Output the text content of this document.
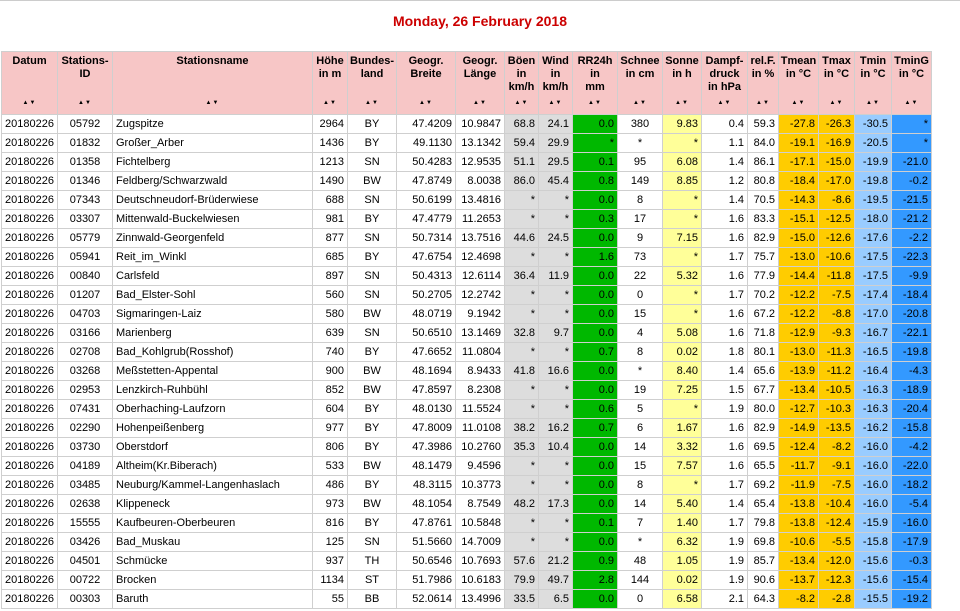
Monday, 26 February 2018
Datum
▲▼	Stations-
ID
▲▼	Stationsname
▲▼	Höhe
in m
▲▼	Bundes-
land
▲▼	Geogr.
Breite
▲▼	Geogr.
Länge
▲▼	Böen
in
km/h
▲▼	Wind
in
km/h
▲▼	RR24h
in
mm
▲▼	Schnee
in cm
▲▼	Sonne
in h
▲▼	Dampf-
druck
in hPa
▲▼	rel.F.
in %
▲▼	Tmean
in °C
▲▼	Tmax
in °C
▲▼	Tmin
in °C
▲▼	TminG
in °C
▲▼

20180226	05792	Zugspitze	2964	BY	47.4209	10.9847	68.8	24.1	0.0	380	9.83	0.4	59.3	-27.8	-26.3	-30.5	*
20180226	01832	Großer_Arber	1436	BY	49.1130	13.1342	59.4	29.9	*	*	*	1.1	84.0	-19.1	-16.9	-20.5	*
20180226	01358	Fichtelberg	1213	SN	50.4283	12.9535	51.1	29.5	0.1	95	6.08	1.4	86.1	-17.1	-15.0	-19.9	-21.0
20180226	01346	Feldberg/Schwarzwald	1490	BW	47.8749	8.0038	86.0	45.4	0.8	149	8.85	1.2	80.8	-18.4	-17.0	-19.8	-0.2
20180226	07343	Deutschneudorf-Brüderwiese	688	SN	50.6199	13.4816	*	*	0.0	8	*	1.4	70.5	-14.3	-8.6	-19.5	-21.5
20180226	03307	Mittenwald-Buckelwiesen	981	BY	47.4779	11.2653	*	*	0.3	17	*	1.6	83.3	-15.1	-12.5	-18.0	-21.2
20180226	05779	Zinnwald-Georgenfeld	877	SN	50.7314	13.7516	44.6	24.5	0.0	9	7.15	1.6	82.9	-15.0	-12.6	-17.6	-2.2
20180226	05941	Reit_im_Winkl	685	BY	47.6754	12.4698	*	*	1.6	73	*	1.7	75.7	-13.0	-10.6	-17.5	-22.3
20180226	00840	Carlsfeld	897	SN	50.4313	12.6114	36.4	11.9	0.0	22	5.32	1.6	77.9	-14.4	-11.8	-17.5	-9.9
20180226	01207	Bad_Elster-Sohl	560	SN	50.2705	12.2742	*	*	0.0	0	*	1.7	70.2	-12.2	-7.5	-17.4	-18.4
20180226	04703	Sigmaringen-Laiz	580	BW	48.0719	9.1942	*	*	0.0	15	*	1.6	67.2	-12.2	-8.8	-17.0	-20.8
20180226	03166	Marienberg	639	SN	50.6510	13.1469	32.8	9.7	0.0	4	5.08	1.6	71.8	-12.9	-9.3	-16.7	-22.1
20180226	02708	Bad_Kohlgrub(Rosshof)	740	BY	47.6652	11.0804	*	*	0.7	8	0.02	1.8	80.1	-13.0	-11.3	-16.5	-19.8
20180226	03268	Meßstetten-Appental	900	BW	48.1694	8.9433	41.8	16.6	0.0	*	8.40	1.4	65.6	-13.9	-11.2	-16.4	-4.3
20180226	02953	Lenzkirch-Ruhbühl	852	BW	47.8597	8.2308	*	*	0.0	19	7.25	1.5	67.7	-13.4	-10.5	-16.3	-18.9
20180226	07431	Oberhaching-Laufzorn	604	BY	48.0130	11.5524	*	*	0.6	5	*	1.9	80.0	-12.7	-10.3	-16.3	-20.4
20180226	02290	Hohenpeißenberg	977	BY	47.8009	11.0108	38.2	16.2	0.7	6	1.67	1.6	82.9	-14.9	-13.5	-16.2	-15.8
20180226	03730	Oberstdorf	806	BY	47.3986	10.2760	35.3	10.4	0.0	14	3.32	1.6	69.5	-12.4	-8.2	-16.0	-4.2
20180226	04189	Altheim(Kr.Biberach)	533	BW	48.1479	9.4596	*	*	0.0	15	7.57	1.6	65.5	-11.7	-9.1	-16.0	-22.0
20180226	03485	Neuburg/Kammel-Langenhaslach	486	BY	48.3115	10.3773	*	*	0.0	8	*	1.7	69.2	-11.9	-7.5	-16.0	-18.2
20180226	02638	Klippeneck	973	BW	48.1054	8.7549	48.2	17.3	0.0	14	5.40	1.4	65.4	-13.8	-10.4	-16.0	-5.4
20180226	15555	Kaufbeuren-Oberbeuren	816	BY	47.8761	10.5848	*	*	0.1	7	1.40	1.7	79.8	-13.8	-12.4	-15.9	-16.0
20180226	03426	Bad_Muskau	125	SN	51.5660	14.7009	*	*	0.0	*	6.32	1.9	69.8	-10.6	-5.5	-15.8	-17.9
20180226	04501	Schmücke	937	TH	50.6546	10.7693	57.6	21.2	0.9	48	1.05	1.9	85.7	-13.4	-12.0	-15.6	-0.3
20180226	00722	Brocken	1134	ST	51.7986	10.6183	79.9	49.7	2.8	144	0.02	1.9	90.6	-13.7	-12.3	-15.6	-15.4
20180226	00303	Baruth	55	BB	52.0614	13.4996	33.5	6.5	0.0	0	6.58	2.1	64.3	-8.2	-2.8	-15.5	-19.2
